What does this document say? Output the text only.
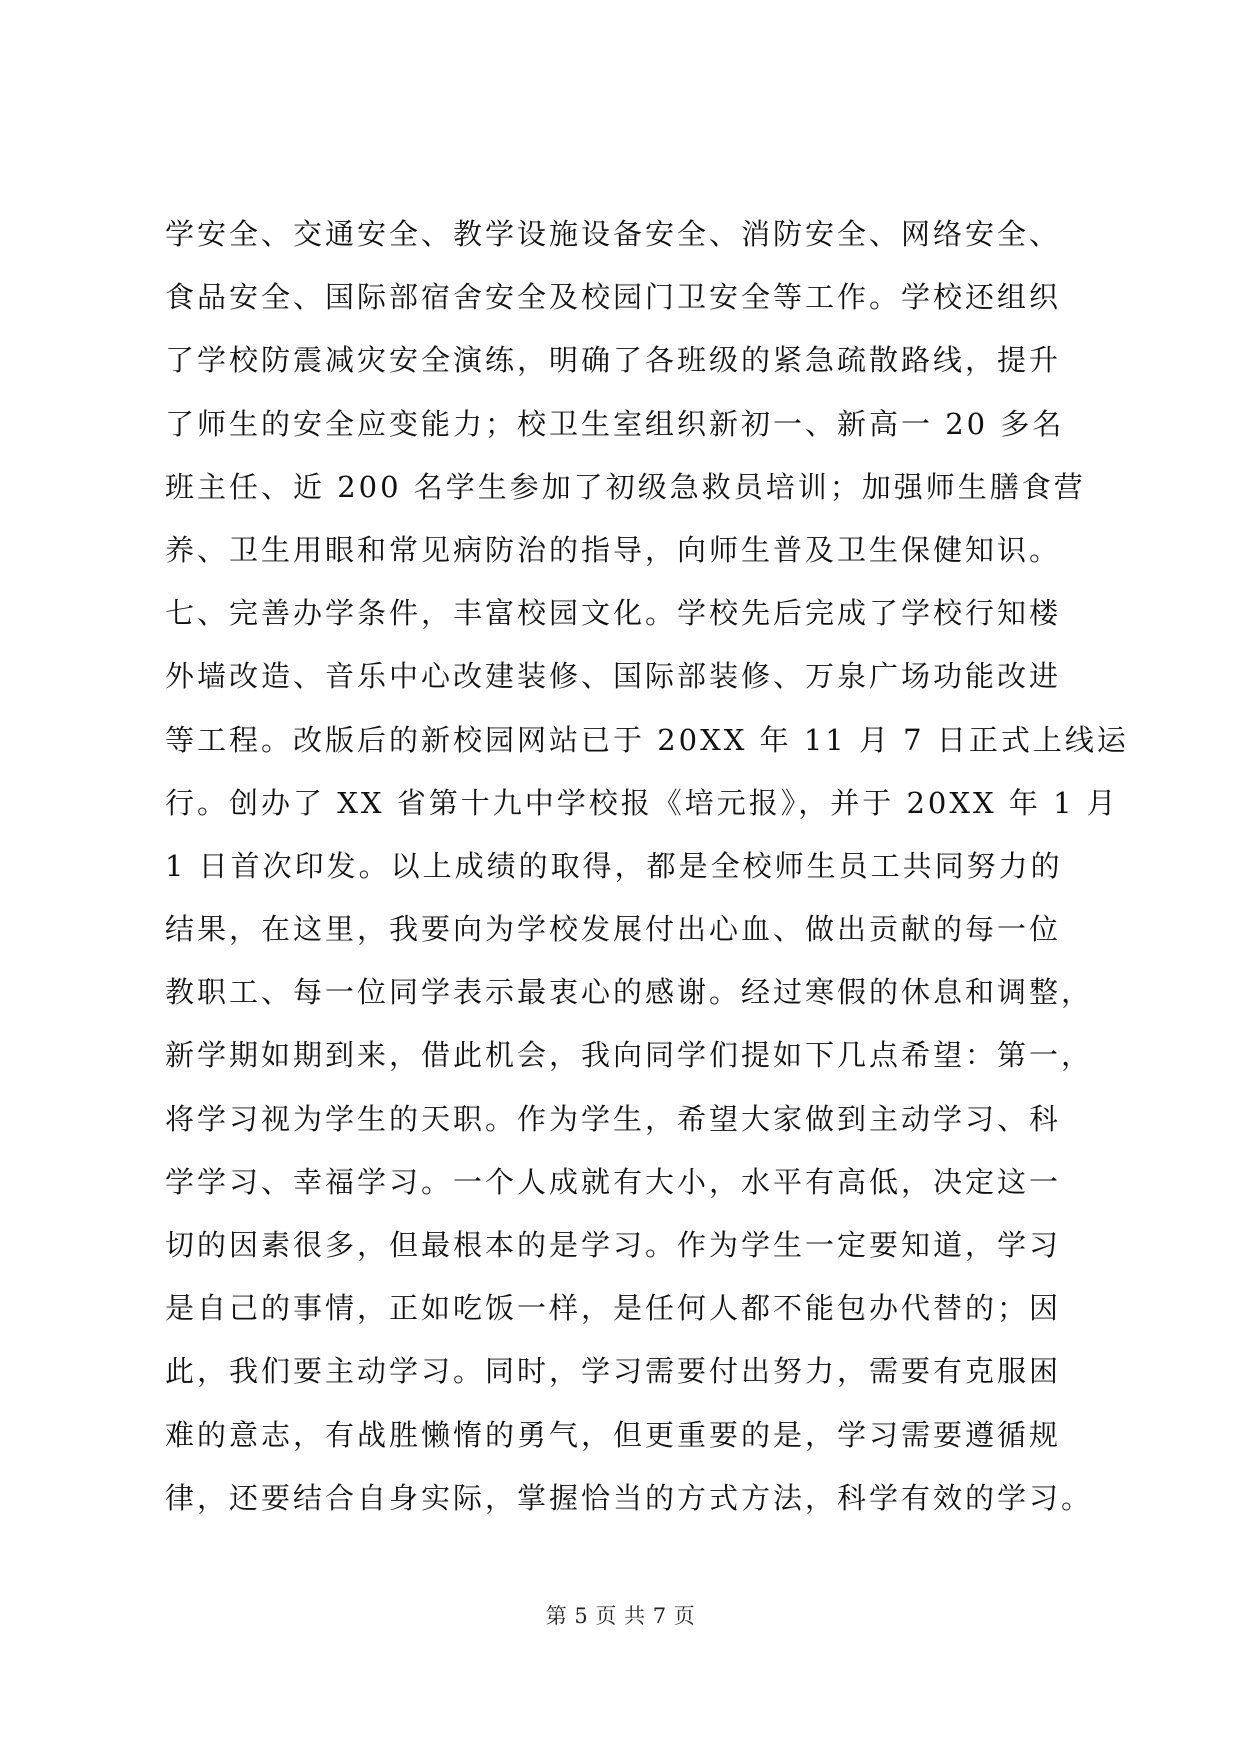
学安全、交通安全、教学设施设备安全、消防安全、网络安全、
食品安全、国际部宿舍安全及校园门卫安全等工作。学校还组织
了学校防震减灾安全演练，明确了各班级的紧急疏散路线，提升
了师生的安全应变能力；校卫生室组织新初一、新高一 20 多名
班主任、近 200 名学生参加了初级急救员培训；加强师生膳食营
养、卫生用眼和常见病防治的指导，向师生普及卫生保健知识。
七、完善办学条件，丰富校园文化。学校先后完成了学校行知楼
外墙改造、音乐中心改建装修、国际部装修、万泉广场功能改进
等工程。改版后的新校园网站已于 20XX 年 11 月 7 日正式上线运
行。创办了 XX 省第十九中学校报《培元报》，并于 20XX 年 1 月
1 日首次印发。以上成绩的取得，都是全校师生员工共同努力的
结果，在这里，我要向为学校发展付出心血、做出贡献的每一位
教职工、每一位同学表示最衷心的感谢。经过寒假的休息和调整，
新学期如期到来，借此机会，我向同学们提如下几点希望：第一，
将学习视为学生的天职。作为学生，希望大家做到主动学习、科
学学习、幸福学习。一个人成就有大小，水平有高低，决定这一
切的因素很多，但最根本的是学习。作为学生一定要知道，学习
是自己的事情，正如吃饭一样，是任何人都不能包办代替的；因
此，我们要主动学习。同时，学习需要付出努力，需要有克服困
难的意志，有战胜懒惰的勇气，但更重要的是，学习需要遵循规
律，还要结合自身实际，掌握恰当的方式方法，科学有效的学习。
第 5 页 共 7 页
